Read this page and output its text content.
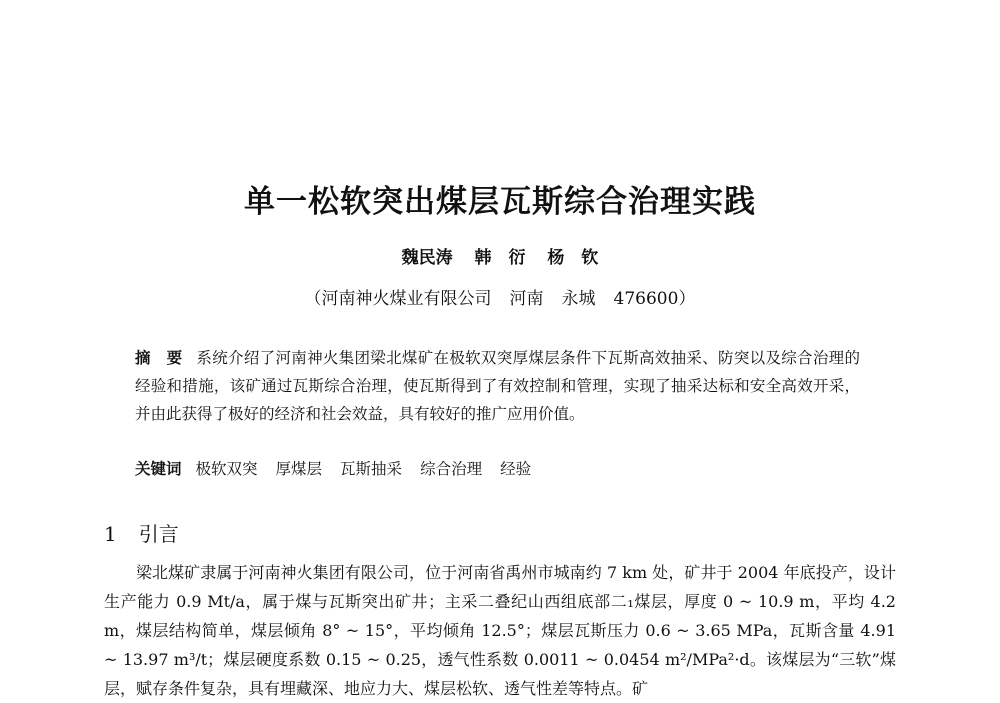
单一松软突出煤层瓦斯综合治理实践
魏民涛 韩　衍 杨　钦
（河南神火煤业有限公司 河南 永城 476600）
摘　要 系统介绍了河南神火集团梁北煤矿在极软双突厚煤层条件下瓦斯高效抽采、防突以及综合治理的经验和措施，该矿通过瓦斯综合治理，使瓦斯得到了有效控制和管理，实现了抽采达标和安全高效开采，并由此获得了极好的经济和社会效益，具有较好的推广应用价值。
关键词 极软双突 厚煤层 瓦斯抽采 综合治理 经验
1 引言
梁北煤矿隶属于河南神火集团有限公司，位于河南省禹州市城南约 7 km 处，矿井于 2004 年底投产，设计生产能力 0.9 Mt/a，属于煤与瓦斯突出矿井；主采二叠纪山西组底部二₁煤层，厚度 0 ~ 10.9 m，平均 4.2 m，煤层结构简单，煤层倾角 8° ~ 15°，平均倾角 12.5°；煤层瓦斯压力 0.6 ~ 3.65 MPa，瓦斯含量 4.91 ~ 13.97 m³/t；煤层硬度系数 0.15 ~ 0.25，透气性系数 0.0011 ~ 0.0454 m²/MPa²·d。该煤层为“三软”煤层，赋存条件复杂，具有埋藏深、地应力大、煤层松软、透气性差等特点。矿
